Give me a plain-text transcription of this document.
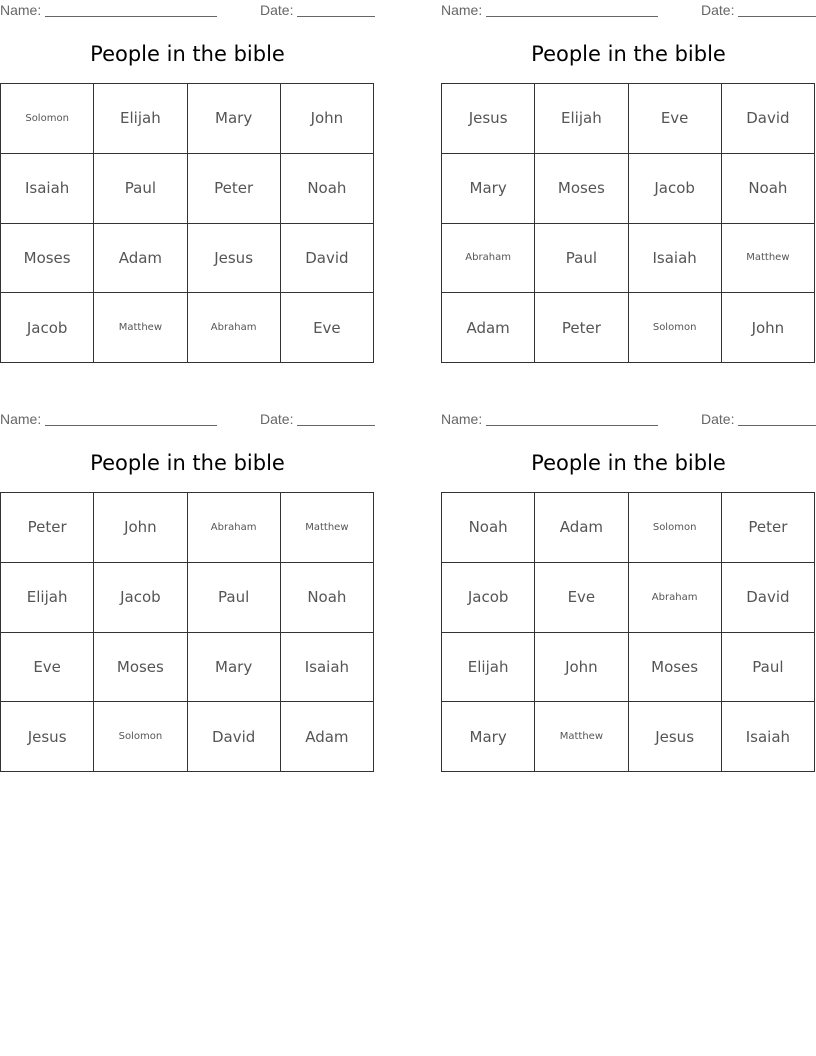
Name:	Date:
People in the bible
Solomon	Elijah	Mary	John
Isaiah	Paul	Peter	Noah
Moses	Adam	Jesus	David
Jacob	Matthew	Abraham	Eve
Name:	Date:
People in the bible
Jesus	Elijah	Eve	David
Mary	Moses	Jacob	Noah
Abraham	Paul	Isaiah	Matthew
Adam	Peter	Solomon	John
Name:	Date:
People in the bible
Peter	John	Abraham	Matthew
Elijah	Jacob	Paul	Noah
Eve	Moses	Mary	Isaiah
Jesus	Solomon	David	Adam
Name:	Date:
People in the bible
Noah	Adam	Solomon	Peter
Jacob	Eve	Abraham	David
Elijah	John	Moses	Paul
Mary	Matthew	Jesus	Isaiah
